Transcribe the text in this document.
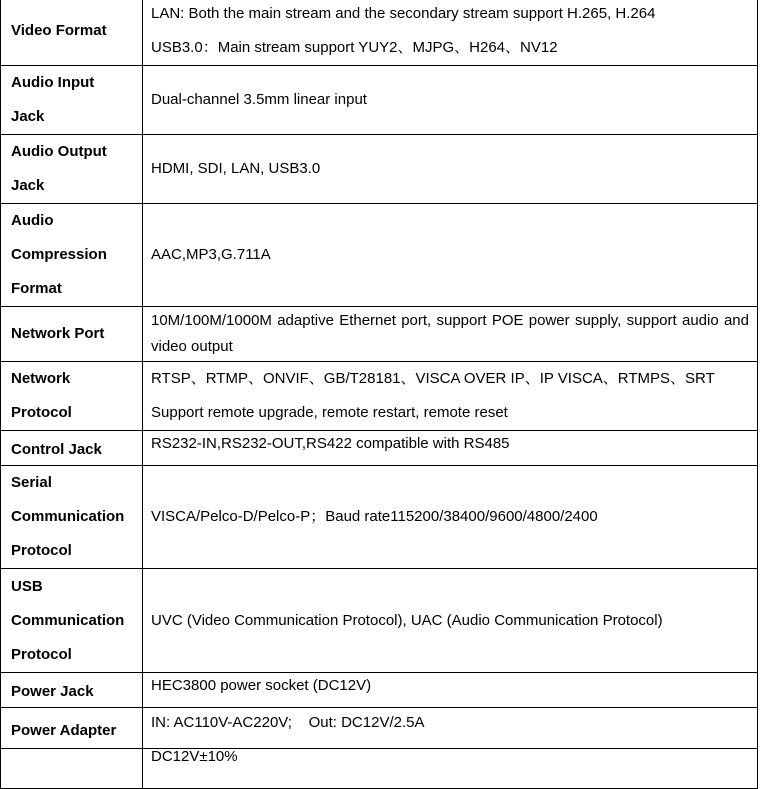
Video Format	LAN: Both the main stream and the secondary stream support H.265, H.264
USB3.0：Main stream support YUY2、MJPG、H264、NV12

Audio Input
Jack	Dual-channel 3.5mm linear input

Audio Output
Jack	HDMI, SDI, LAN, USB3.0

Audio
Compression
Format	AAC,MP3,G.711A

Network Port	10M/100M/1000M adaptive Ethernet port, support POE power supply, support audio and video output

Network
Protocol	RTSP、RTMP、ONVIF、GB/T28181、VISCA OVER IP、IP VISCA、RTMPS、SRT
Support remote upgrade, remote restart, remote reset

Control Jack	RS232-IN,RS232-OUT,RS422 compatible with RS485

Serial
Communication
Protocol	VISCA/Pelco-D/Pelco-P；Baud rate115200/38400/9600/4800/2400

USB
Communication
Protocol	UVC (Video Communication Protocol), UAC (Audio Communication Protocol)

Power Jack	HEC3800 power socket (DC12V)

Power Adapter	IN: AC110V-AC220V;    Out: DC12V/2.5A

	DC12V±10%
